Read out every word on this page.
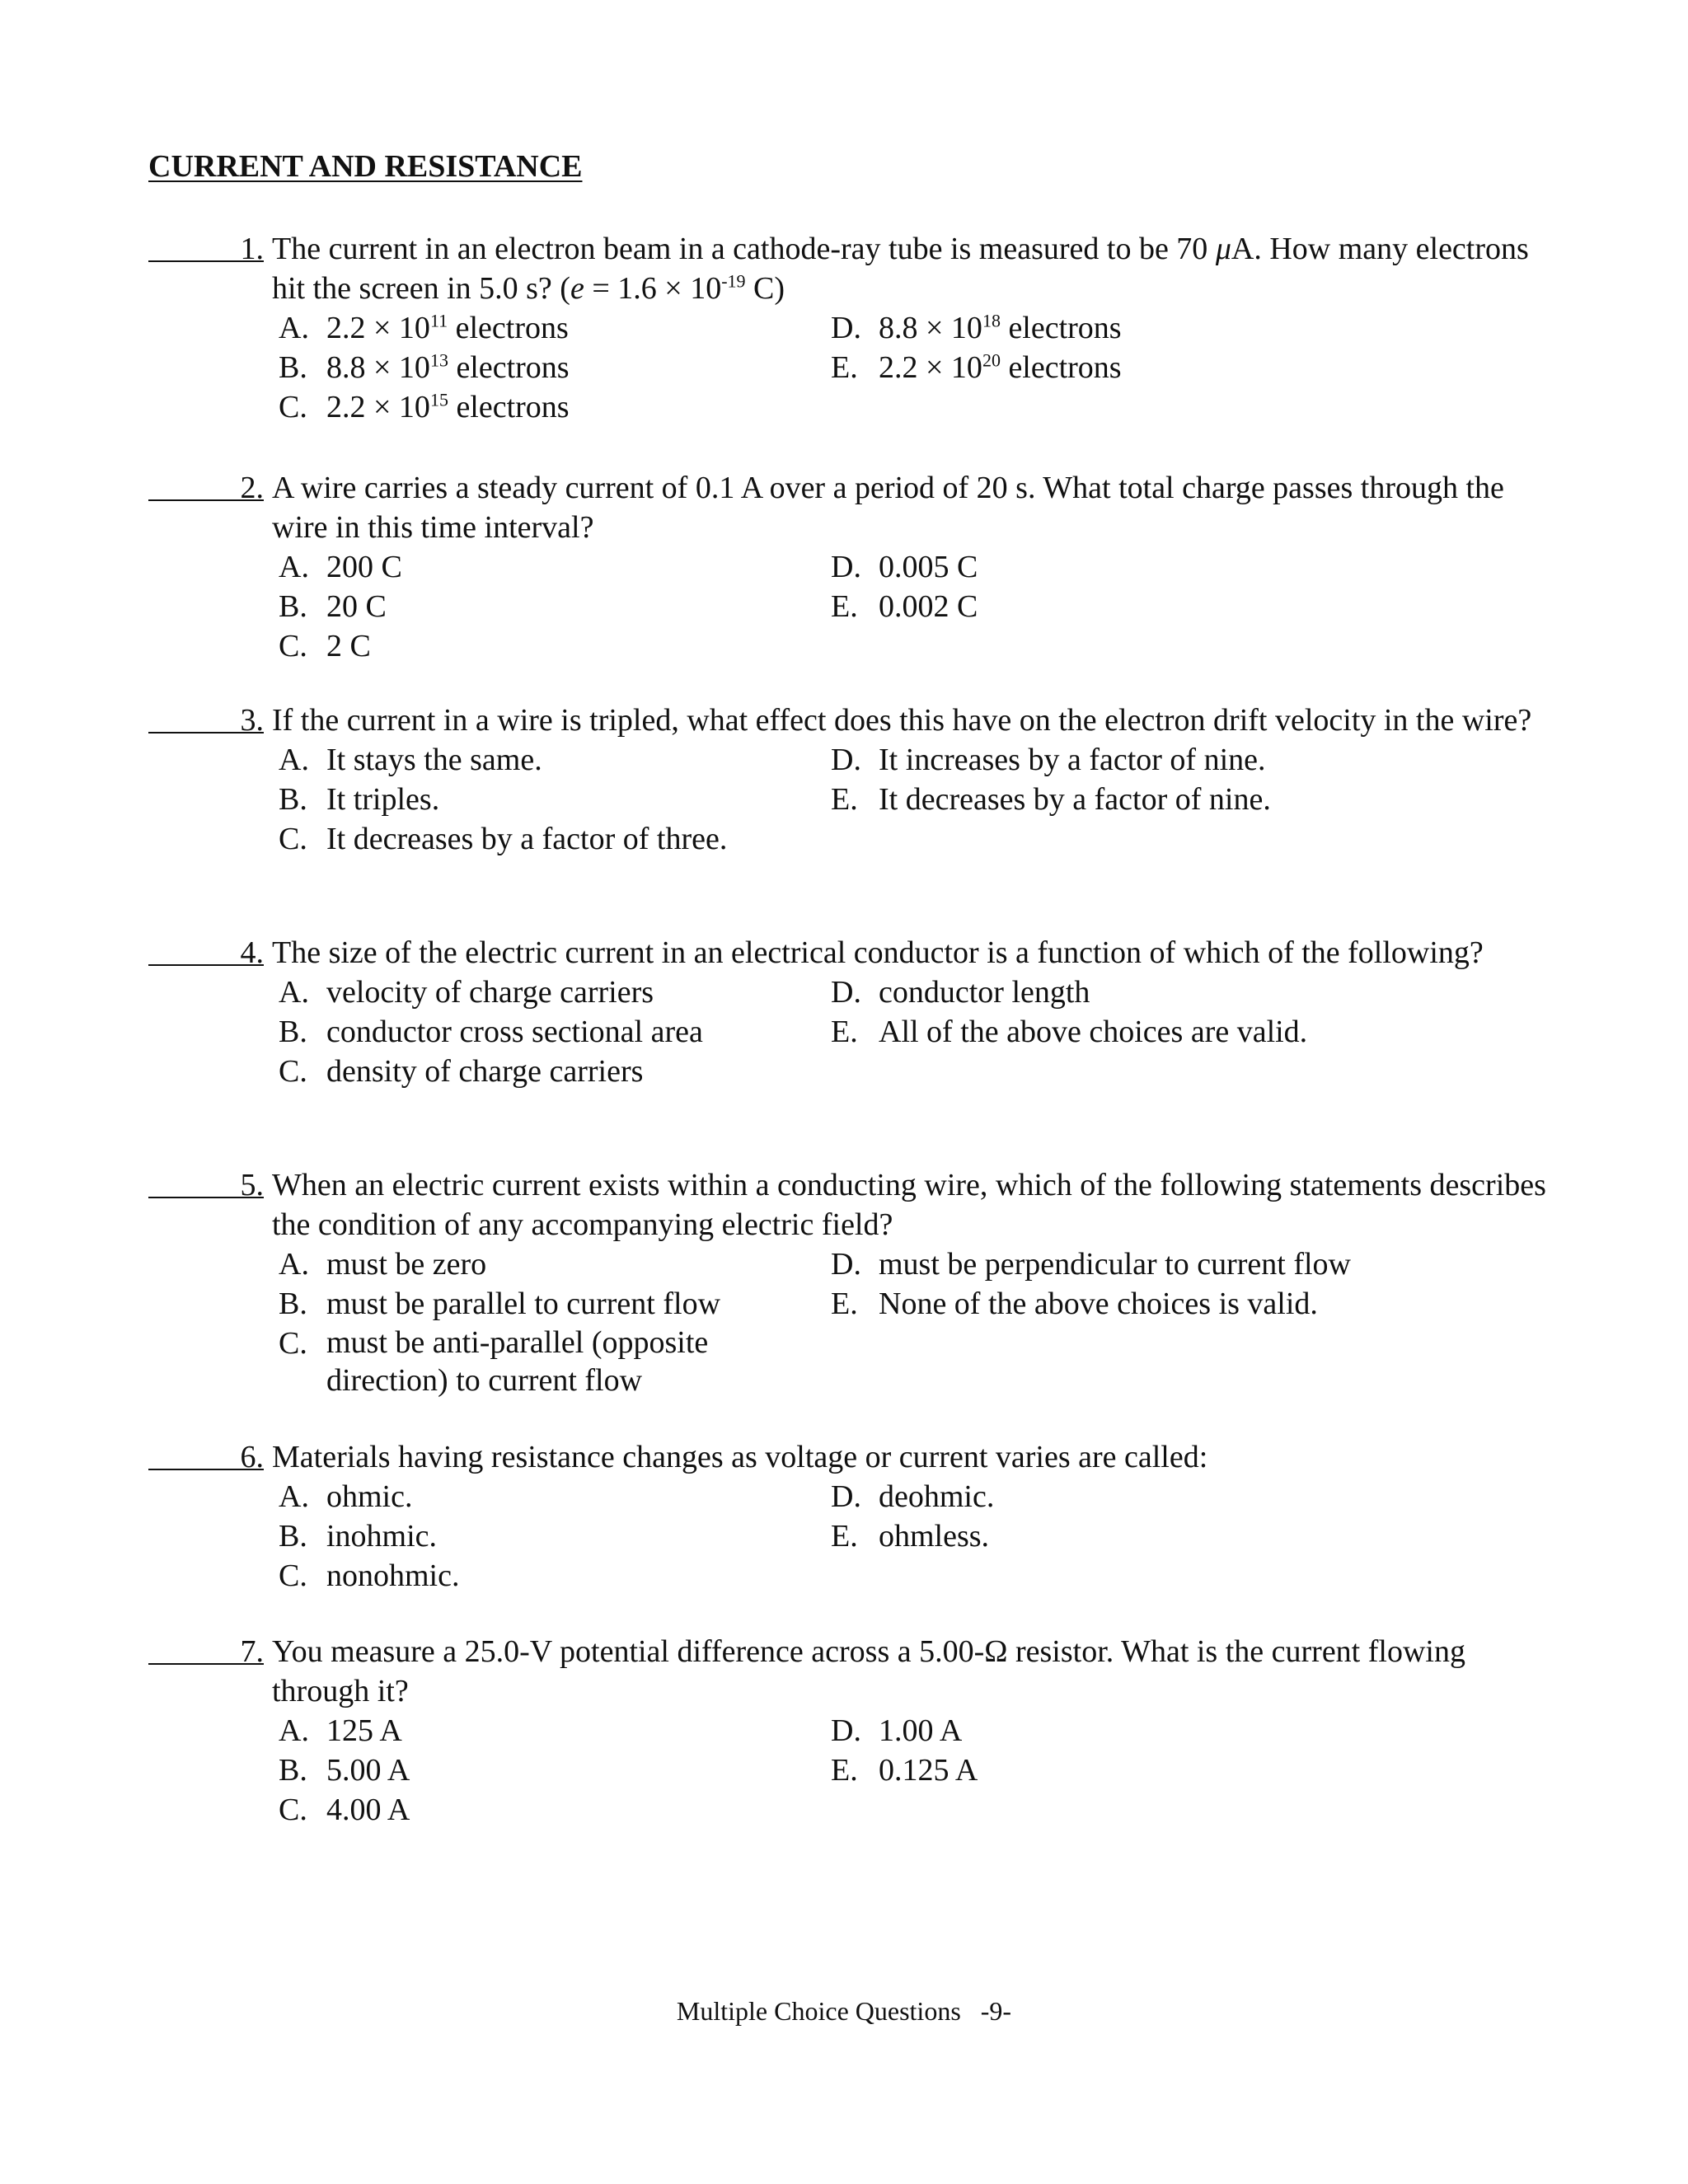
CURRENT AND RESISTANCE
1. The current in an electron beam in a cathode-ray tube is measured to be 70 μA. How many electrons hit the screen in 5.0 s? ($e = 1.6 \times 10^{-19}$ C)
A. $2.2 \times 10^{11}$ electrons
B. $8.8 \times 10^{13}$ electrons
C. $2.2 \times 10^{15}$ electrons
D. $8.8 \times 10^{18}$ electrons
E. $2.2 \times 10^{20}$ electrons
2. A wire carries a steady current of 0.1 A over a period of 20 s. What total charge passes through the wire in this time interval?
A. 200 C
B. 20 C
C. 2 C
D. 0.005 C
E. 0.002 C
3. If the current in a wire is tripled, what effect does this have on the electron drift velocity in the wire?
A. It stays the same.
B. It triples.
C. It decreases by a factor of three.
D. It increases by a factor of nine.
E. It decreases by a factor of nine.
4. The size of the electric current in an electrical conductor is a function of which of the following?
A. velocity of charge carriers
B. conductor cross sectional area
C. density of charge carriers
D. conductor length
E. All of the above choices are valid.
5. When an electric current exists within a conducting wire, which of the following statements describes the condition of any accompanying electric field?
A. must be zero
B. must be parallel to current flow
C. must be anti-parallel (opposite direction) to current flow
D. must be perpendicular to current flow
E. None of the above choices is valid.
6. Materials having resistance changes as voltage or current varies are called:
A. ohmic.
B. inohmic.
C. nonohmic.
D. deohmic.
E. ohmless.
7. You measure a 25.0-V potential difference across a 5.00-Ω resistor. What is the current flowing through it?
A. 125 A
B. 5.00 A
C. 4.00 A
D. 1.00 A
E. 0.125 A
Multiple Choice Questions   -9-
